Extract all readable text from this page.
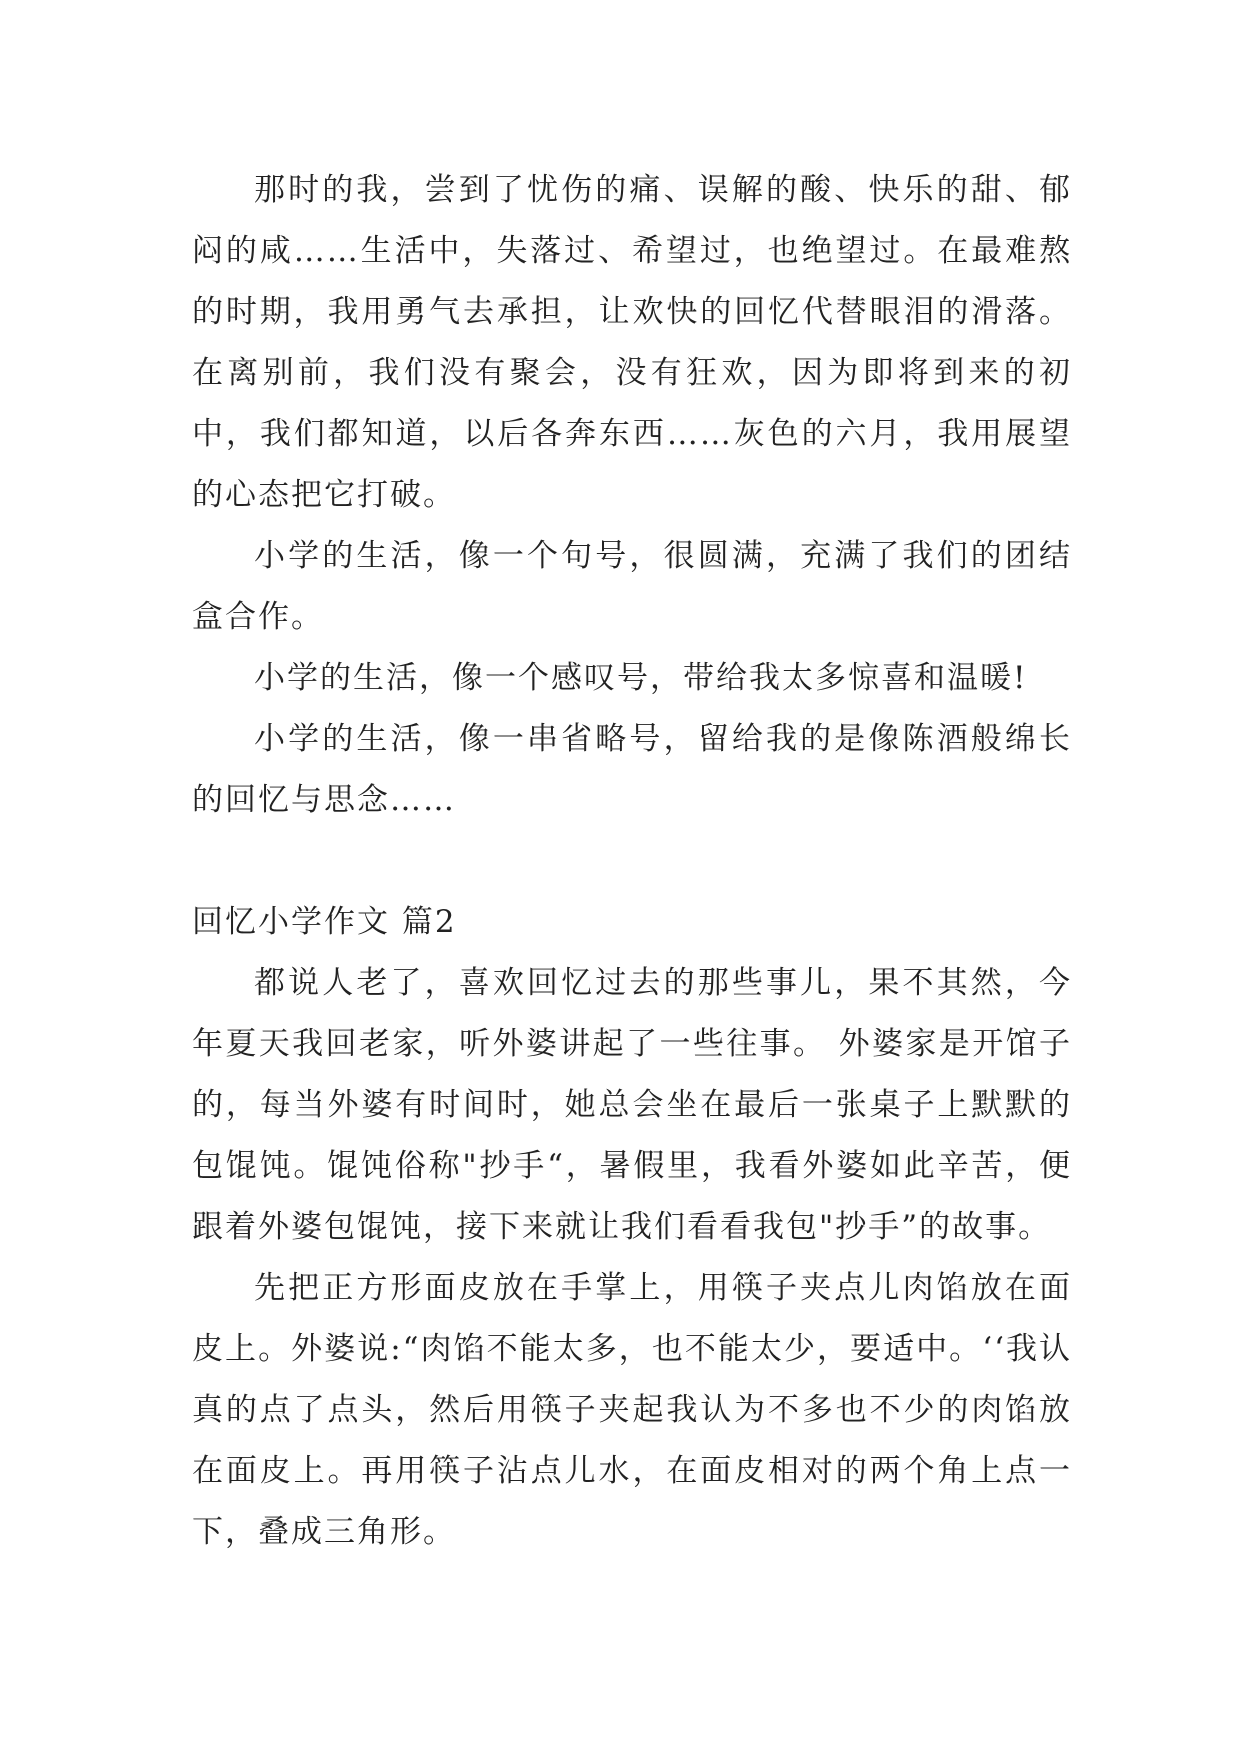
那时的我，尝到了忧伤的痛、误解的酸、快乐的甜、郁闷的咸……生活中，失落过、希望过，也绝望过。在最难熬的时期，我用勇气去承担，让欢快的回忆代替眼泪的滑落。在离别前，我们没有聚会，没有狂欢，因为即将到来的初中，我们都知道，以后各奔东西……灰色的六月，我用展望的心态把它打破。

小学的生活，像一个句号，很圆满，充满了我们的团结盒合作。

小学的生活，像一个感叹号，带给我太多惊喜和温暖!

小学的生活，像一串省略号，留给我的是像陈酒般绵长的回忆与思念……

回忆小学作文 篇2

都说人老了，喜欢回忆过去的那些事儿，果不其然，今年夏天我回老家，听外婆讲起了一些往事。 外婆家是开馆子的，每当外婆有时间时，她总会坐在最后一张桌子上默默的包馄饨。馄饨俗称"抄手“，暑假里，我看外婆如此辛苦，便跟着外婆包馄饨，接下来就让我们看看我包"抄手”的故事。

先把正方形面皮放在手掌上，用筷子夹点儿肉馅放在面皮上。外婆说:“肉馅不能太多，也不能太少，要适中。‘‘我认真的点了点头，然后用筷子夹起我认为不多也不少的肉馅放在面皮上。再用筷子沾点儿水，在面皮相对的两个角上点一下，叠成三角形。
